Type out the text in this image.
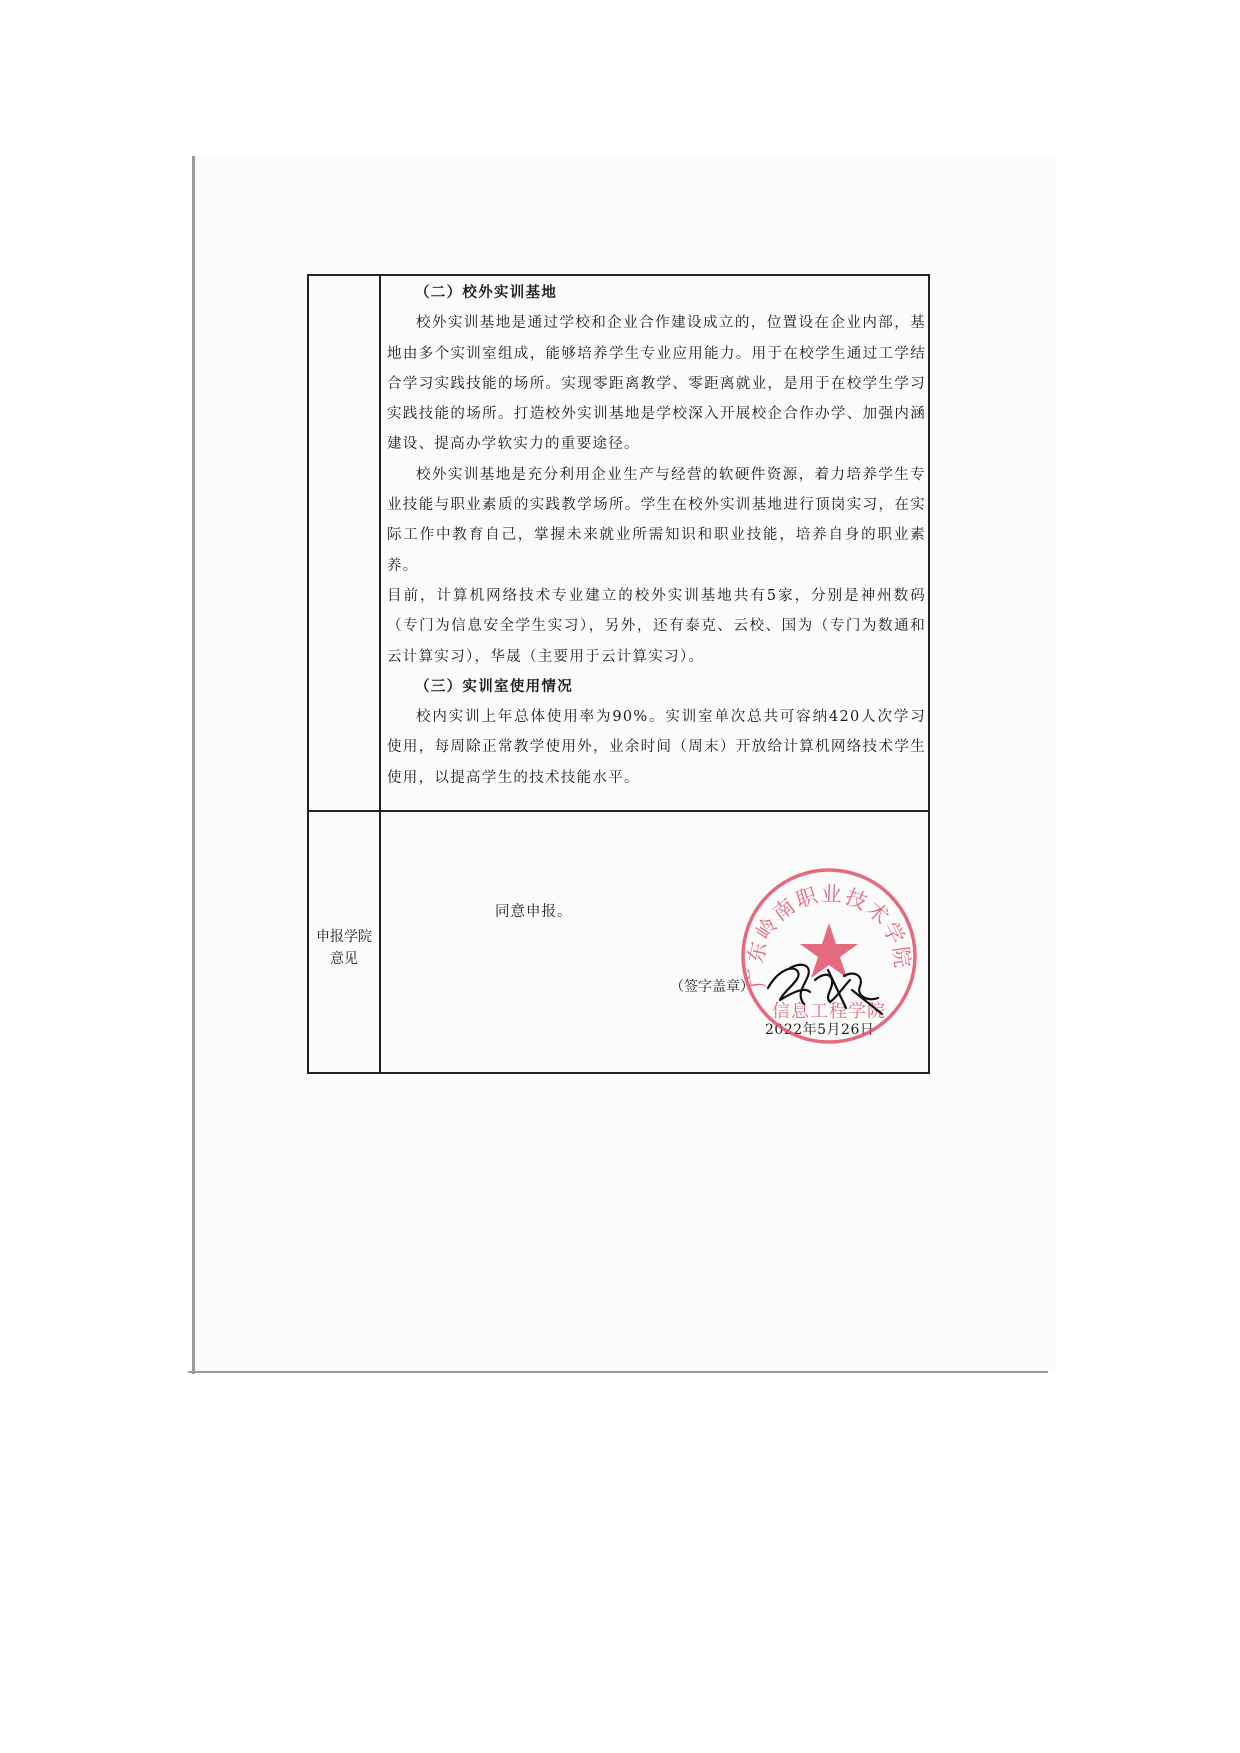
（二）校外实训基地

校外实训基地是通过学校和企业合作建设成立的，位置设在企业内部，基地由多个实训室组成，能够培养学生专业应用能力。用于在校学生通过工学结合学习实践技能的场所。实现零距离教学、零距离就业，是用于在校学生学习实践技能的场所。打造校外实训基地是学校深入开展校企合作办学、加强内涵建设、提高办学软实力的重要途径。

校外实训基地是充分利用企业生产与经营的软硬件资源，着力培养学生专业技能与职业素质的实践教学场所。学生在校外实训基地进行顶岗实习，在实际工作中教育自己，掌握未来就业所需知识和职业技能，培养自身的职业素养。

目前，计算机网络技术专业建立的校外实训基地共有5家，分别是神州数码（专门为信息安全学生实习），另外，还有泰克、云校、国为（专门为数通和云计算实习），华晟（主要用于云计算实习）。

（三）实训室使用情况

校内实训上年总体使用率为90%。实训室单次总共可容纳420人次学习使用，每周除正常教学使用外，业余时间（周末）开放给计算机网络技术学生使用，以提高学生的技术技能水平。

申报学院
意见
同意申报。
（签字盖章）
2022年5月26日
广东岭南职业技术学院
信息工程学院
